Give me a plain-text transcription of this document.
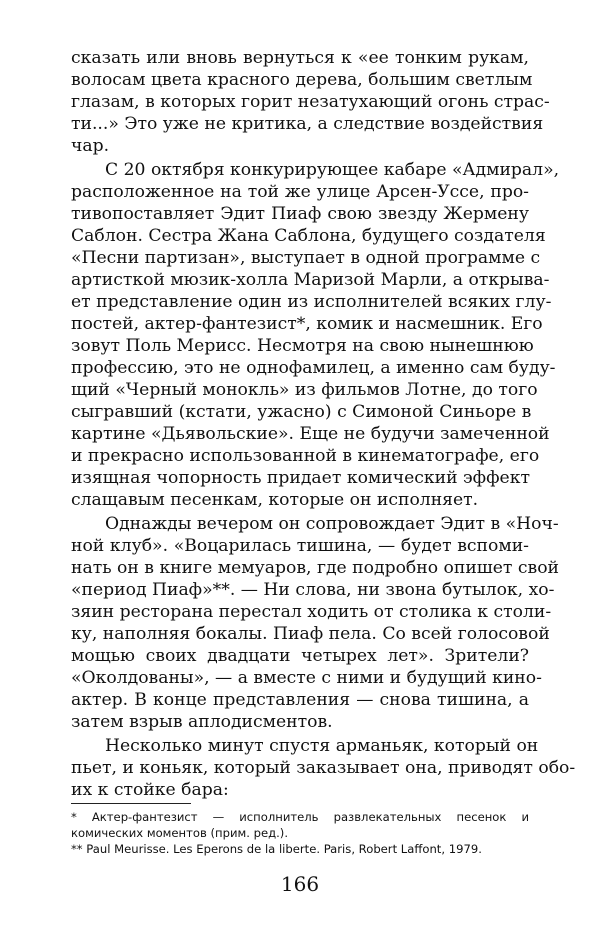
сказать или вновь вернуться к «ее тонким рукам,

волосам цвета красного дерева, большим светлым

глазам, в которых горит незатухающий огонь страс-

ти...» Это уже не критика, а следствие воздействия

чар.

С 20 октября конкурирующее кабаре «Адмирал»,

расположенное на той же улице Арсен-Уссе, про-

тивопоставляет Эдит Пиаф свою звезду Жермену

Саблон. Сестра Жана Саблона, будущего создателя

«Песни партизан», выступает в одной программе с

артисткой мюзик-холла Маризой Марли, а открыва-

ет представление один из исполнителей всяких глу-

постей, актер-фантезист*, комик и насмешник. Его

зовут Поль Мерисс. Несмотря на свою нынешнюю

профессию, это не однофамилец, а именно сам буду-

щий «Черный монокль» из фильмов Лотне, до того

сыгравший (кстати, ужасно) с Симоной Синьоре в

картине «Дьявольские». Еще не будучи замеченной

и прекрасно использованной в кинематографе, его

изящная чопорность придает комический эффект

слащавым песенкам, которые он исполняет.

Однажды вечером он сопровождает Эдит в «Ноч-

ной клуб». «Воцарилась тишина, — будет вспоми-

нать он в книге мемуаров, где подробно опишет свой

«период Пиаф»**. — Ни слова, ни звона бутылок, хо-

зяин ресторана перестал ходить от столика к столи-

ку, наполняя бокалы. Пиаф пела. Со всей голосовой

мощью своих двадцати четырех лет». Зрители?

«Околдованы», — а вместе с ними и будущий кино-

актер. В конце представления — снова тишина, а

затем взрыв аплодисментов.

Несколько минут спустя арманьяк, который он

пьет, и коньяк, который заказывает она, приводят обо-

их к стойке бара:

* Актер-фантезист — исполнитель развлекательных песенок и

комических моментов (прим. ред.).

** Paul Meurisse. Les Eperons de la liberte. Paris, Robert Laffont, 1979.

166
